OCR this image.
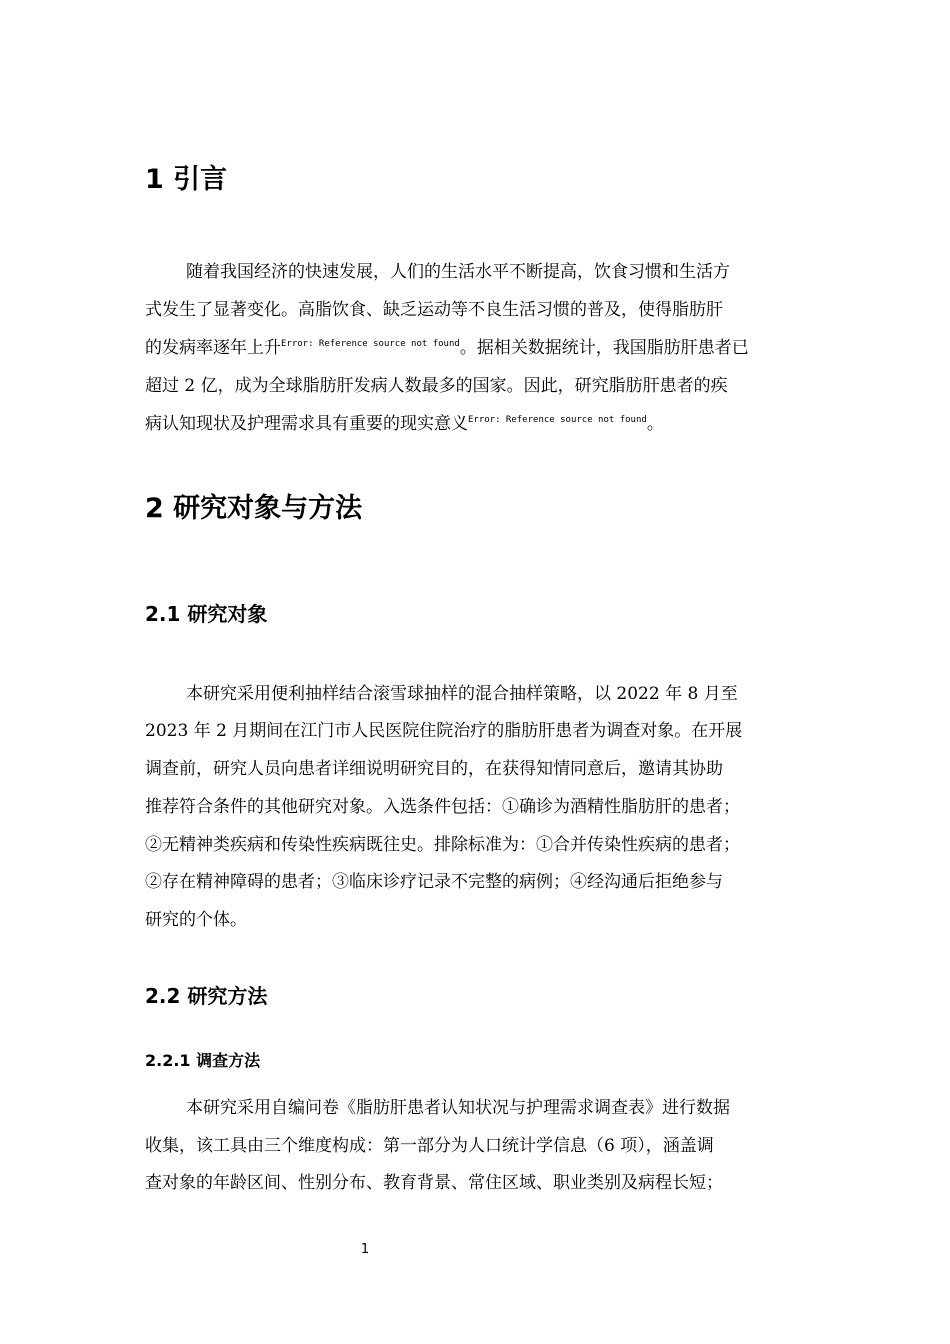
1 引言
随着我国经济的快速发展，人们的生活水平不断提高，饮食习惯和生活方
式发生了显著变化。高脂饮食、缺乏运动等不良生活习惯的普及，使得脂肪肝
的发病率逐年上升$^{Error: Reference source not found}$。据相关数据统计，我国脂肪肝患者已
超过 2 亿，成为全球脂肪肝发病人数最多的国家。因此，研究脂肪肝患者的疾
病认知现状及护理需求具有重要的现实意义$^{Error: Reference source not found}$。
2 研究对象与方法
2.1 研究对象
本研究采用便利抽样结合滚雪球抽样的混合抽样策略，以 2022 年 8 月至
2023 年 2 月期间在江门市人民医院住院治疗的脂肪肝患者为调查对象。在开展
调查前，研究人员向患者详细说明研究目的，在获得知情同意后，邀请其协助
推荐符合条件的其他研究对象。入选条件包括：①确诊为酒精性脂肪肝的患者；
②无精神类疾病和传染性疾病既往史。排除标准为：①合并传染性疾病的患者；
②存在精神障碍的患者；③临床诊疗记录不完整的病例；④经沟通后拒绝参与
研究的个体。
2.2 研究方法
2.2.1 调查方法
本研究采用自编问卷《脂肪肝患者认知状况与护理需求调查表》进行数据
收集，该工具由三个维度构成：第一部分为人口统计学信息（6 项），涵盖调
查对象的年龄区间、性别分布、教育背景、常住区域、职业类别及病程长短；
1
